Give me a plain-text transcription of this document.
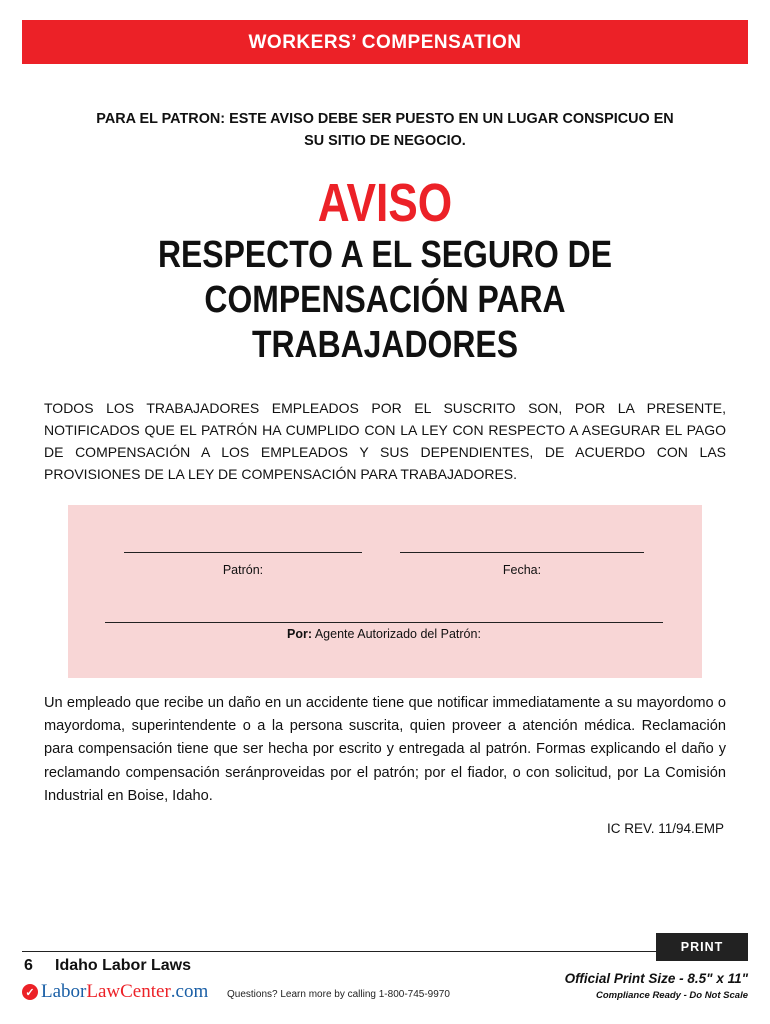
WORKERS’ COMPENSATION
PARA EL PATRON: ESTE AVISO DEBE SER PUESTO EN UN LUGAR CONSPICUO EN
SU SITIO DE NEGOCIO.
AVISO
RESPECTO A EL SEGURO DE
COMPENSACIÓN PARA
TRABAJADORES
TODOS LOS TRABAJADORES EMPLEADOS POR EL SUSCRITO SON, POR LA PRESENTE, NOTIFICADOS QUE EL PATRÓN HA CUMPLIDO CON LA LEY CON RESPECTO A ASEGURAR EL PAGO DE COMPENSACIÓN A LOS EMPLEADOS Y SUS DEPENDIENTES, DE ACUERDO CON LAS PROVISIONES DE LA LEY DE COMPENSACIÓN PARA TRABAJADORES.
Patrón:	Fecha:
Por: Agente Autorizado del Patrón:
Un empleado que recibe un daño en un accidente tiene que notificar immediatamente a su mayordomo o mayordoma, superintendente o a la persona suscrita, quien proveer a atención médica. Reclamación para compensación tiene que ser hecha por escrito y entregada al patrón. Formas explicando el daño y reclamando compensación seránproveidas por el patrón; por el fiador, o con solicitud, por La Comisión Industrial en Boise, Idaho.
IC REV. 11/94.EMP
PRINT
6 Idaho Labor Laws
✓ Labor LawCenter .com Questions? Learn more by calling 1-800-745-9970
Official Print Size - 8.5" x 11"
Compliance Ready - Do Not Scale
